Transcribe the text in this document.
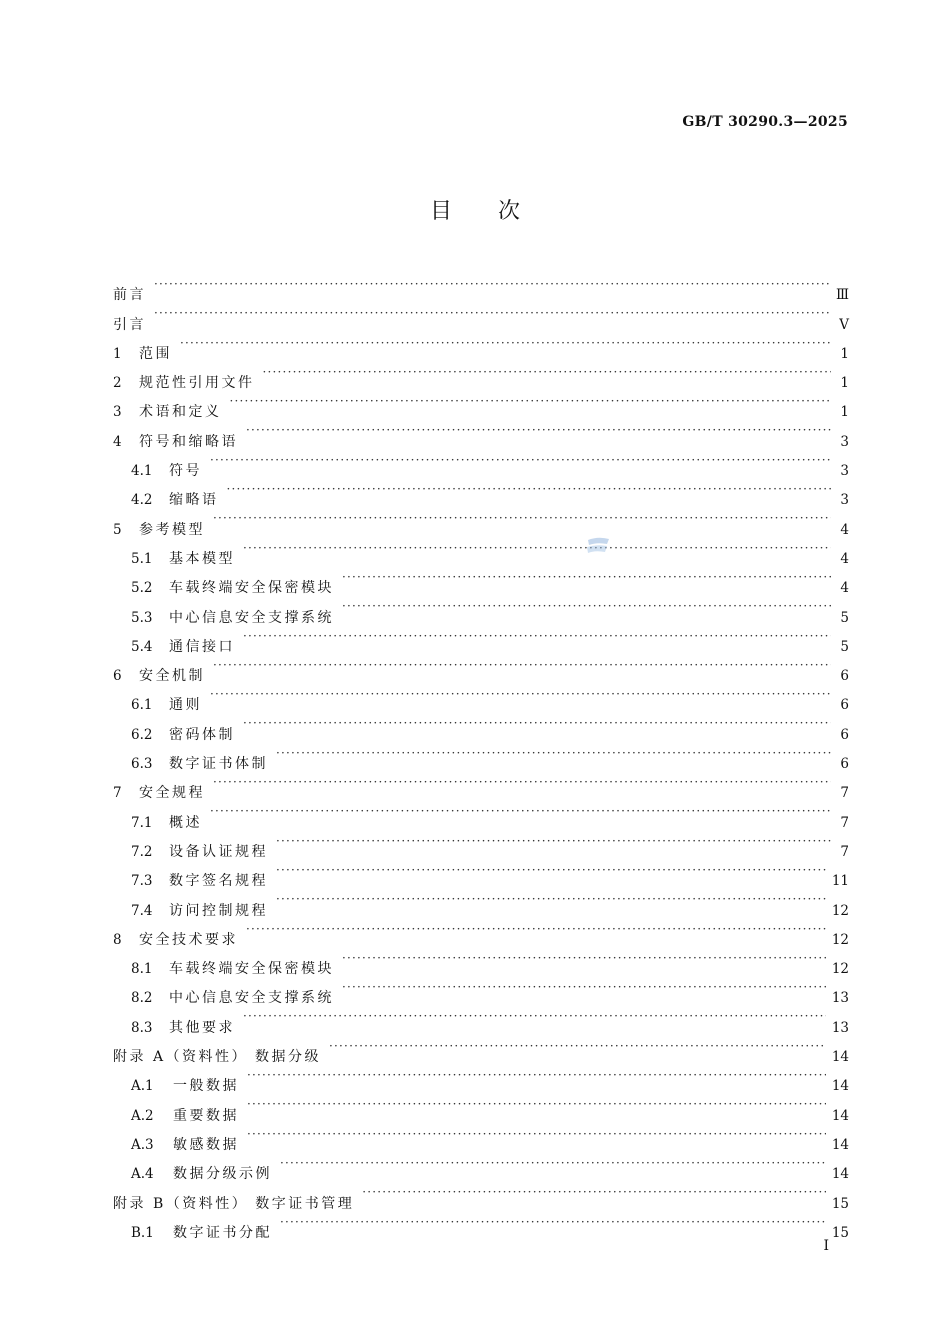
GB/T 30290.3—2025
目次
前言 ·····	Ⅲ
引言 ·····	Ⅴ
1	范围 ·····	1
2	规范性引用文件 ·····	1
3	术语和定义 ·····	1
4	符号和缩略语 ·····	3
4.1	符号 ·····	3
4.2	缩略语 ·····	3
5	参考模型 ·····	4
5.1	基本模型 ·····	4
5.2	车载终端安全保密模块 ·····	4
5.3	中心信息安全支撑系统 ·····	5
5.4	通信接口 ·····	5
6	安全机制 ·····	6
6.1	通则 ·····	6
6.2	密码体制 ·····	6
6.3	数字证书体制 ·····	6
7	安全规程 ·····	7
7.1	概述 ·····	7
7.2	设备认证规程 ·····	7
7.3	数字签名规程 ·····	11
7.4	访问控制规程 ·····	12
8	安全技术要求 ·····	12
8.1	车载终端安全保密模块 ·····	12
8.2	中心信息安全支撑系统 ·····	13
8.3	其他要求 ·····	13
附录 A（资料性） 数据分级 ·····	14
A.1	一般数据 ·····	14
A.2	重要数据 ·····	14
A.3	敏感数据 ·····	14
A.4	数据分级示例 ·····	14
附录 B（资料性） 数字证书管理 ·····	15
B.1	数字证书分配 ·····	15
Ⅰ
